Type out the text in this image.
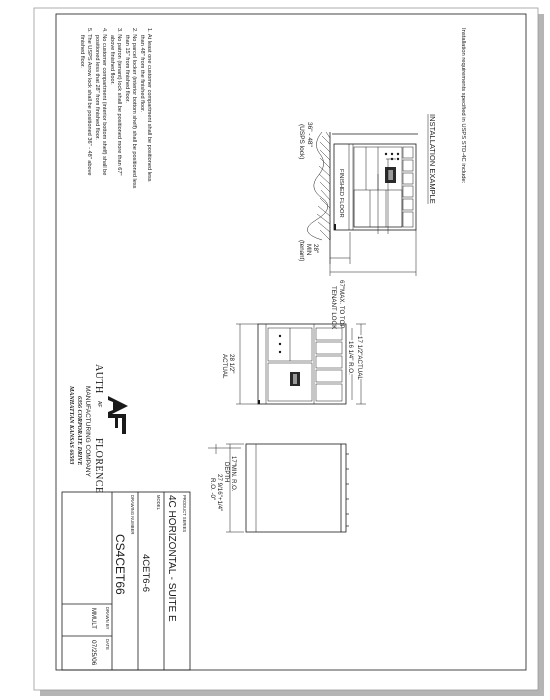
Installation requirements specified in USPS STD-4C include:
1. At least one customer compartment shall be positioned less
than 48" from the finished floor.
2. No parcel locker (interior bottom shelf) shall be positioned less
than 15" from finished floor.
3. No patron (tenant) lock shall be positioned more than 67"
above finished floor.
4. No customer compartment (interior bottom shelf) shall be
positioned less that 28" from finished floor.
5. The USPS Arrow lock shall be positioned 36" - 48" above
finished floor.
INSTALLATION EXAMPLE
FINISHED FLOOR
36" - 48"
(USPS lock)
28"
MIN
(tenant)
67"MAX. TO TOP
TENANT LOCK
17 1/2"ACTUAL
16 1/4" R.O.
28 1/2"
ACTUAL
AUTH
AF
FLORENCE
MANUFACTURING COMPANY
6356 CORPORATE DRIVE
MANHATTAN KANSAS 66503
17"MIN. R.O.
DEPTH
27 9/16"+1/4"
R.O. -0"
PRODUCT SERIES
4C HORIZONTAL - SUITE E
MODEL
4CET6-6
DRAWING NUMBER
CS4CET66
DRAWN BY
MMULT
DATE
07/25/06
